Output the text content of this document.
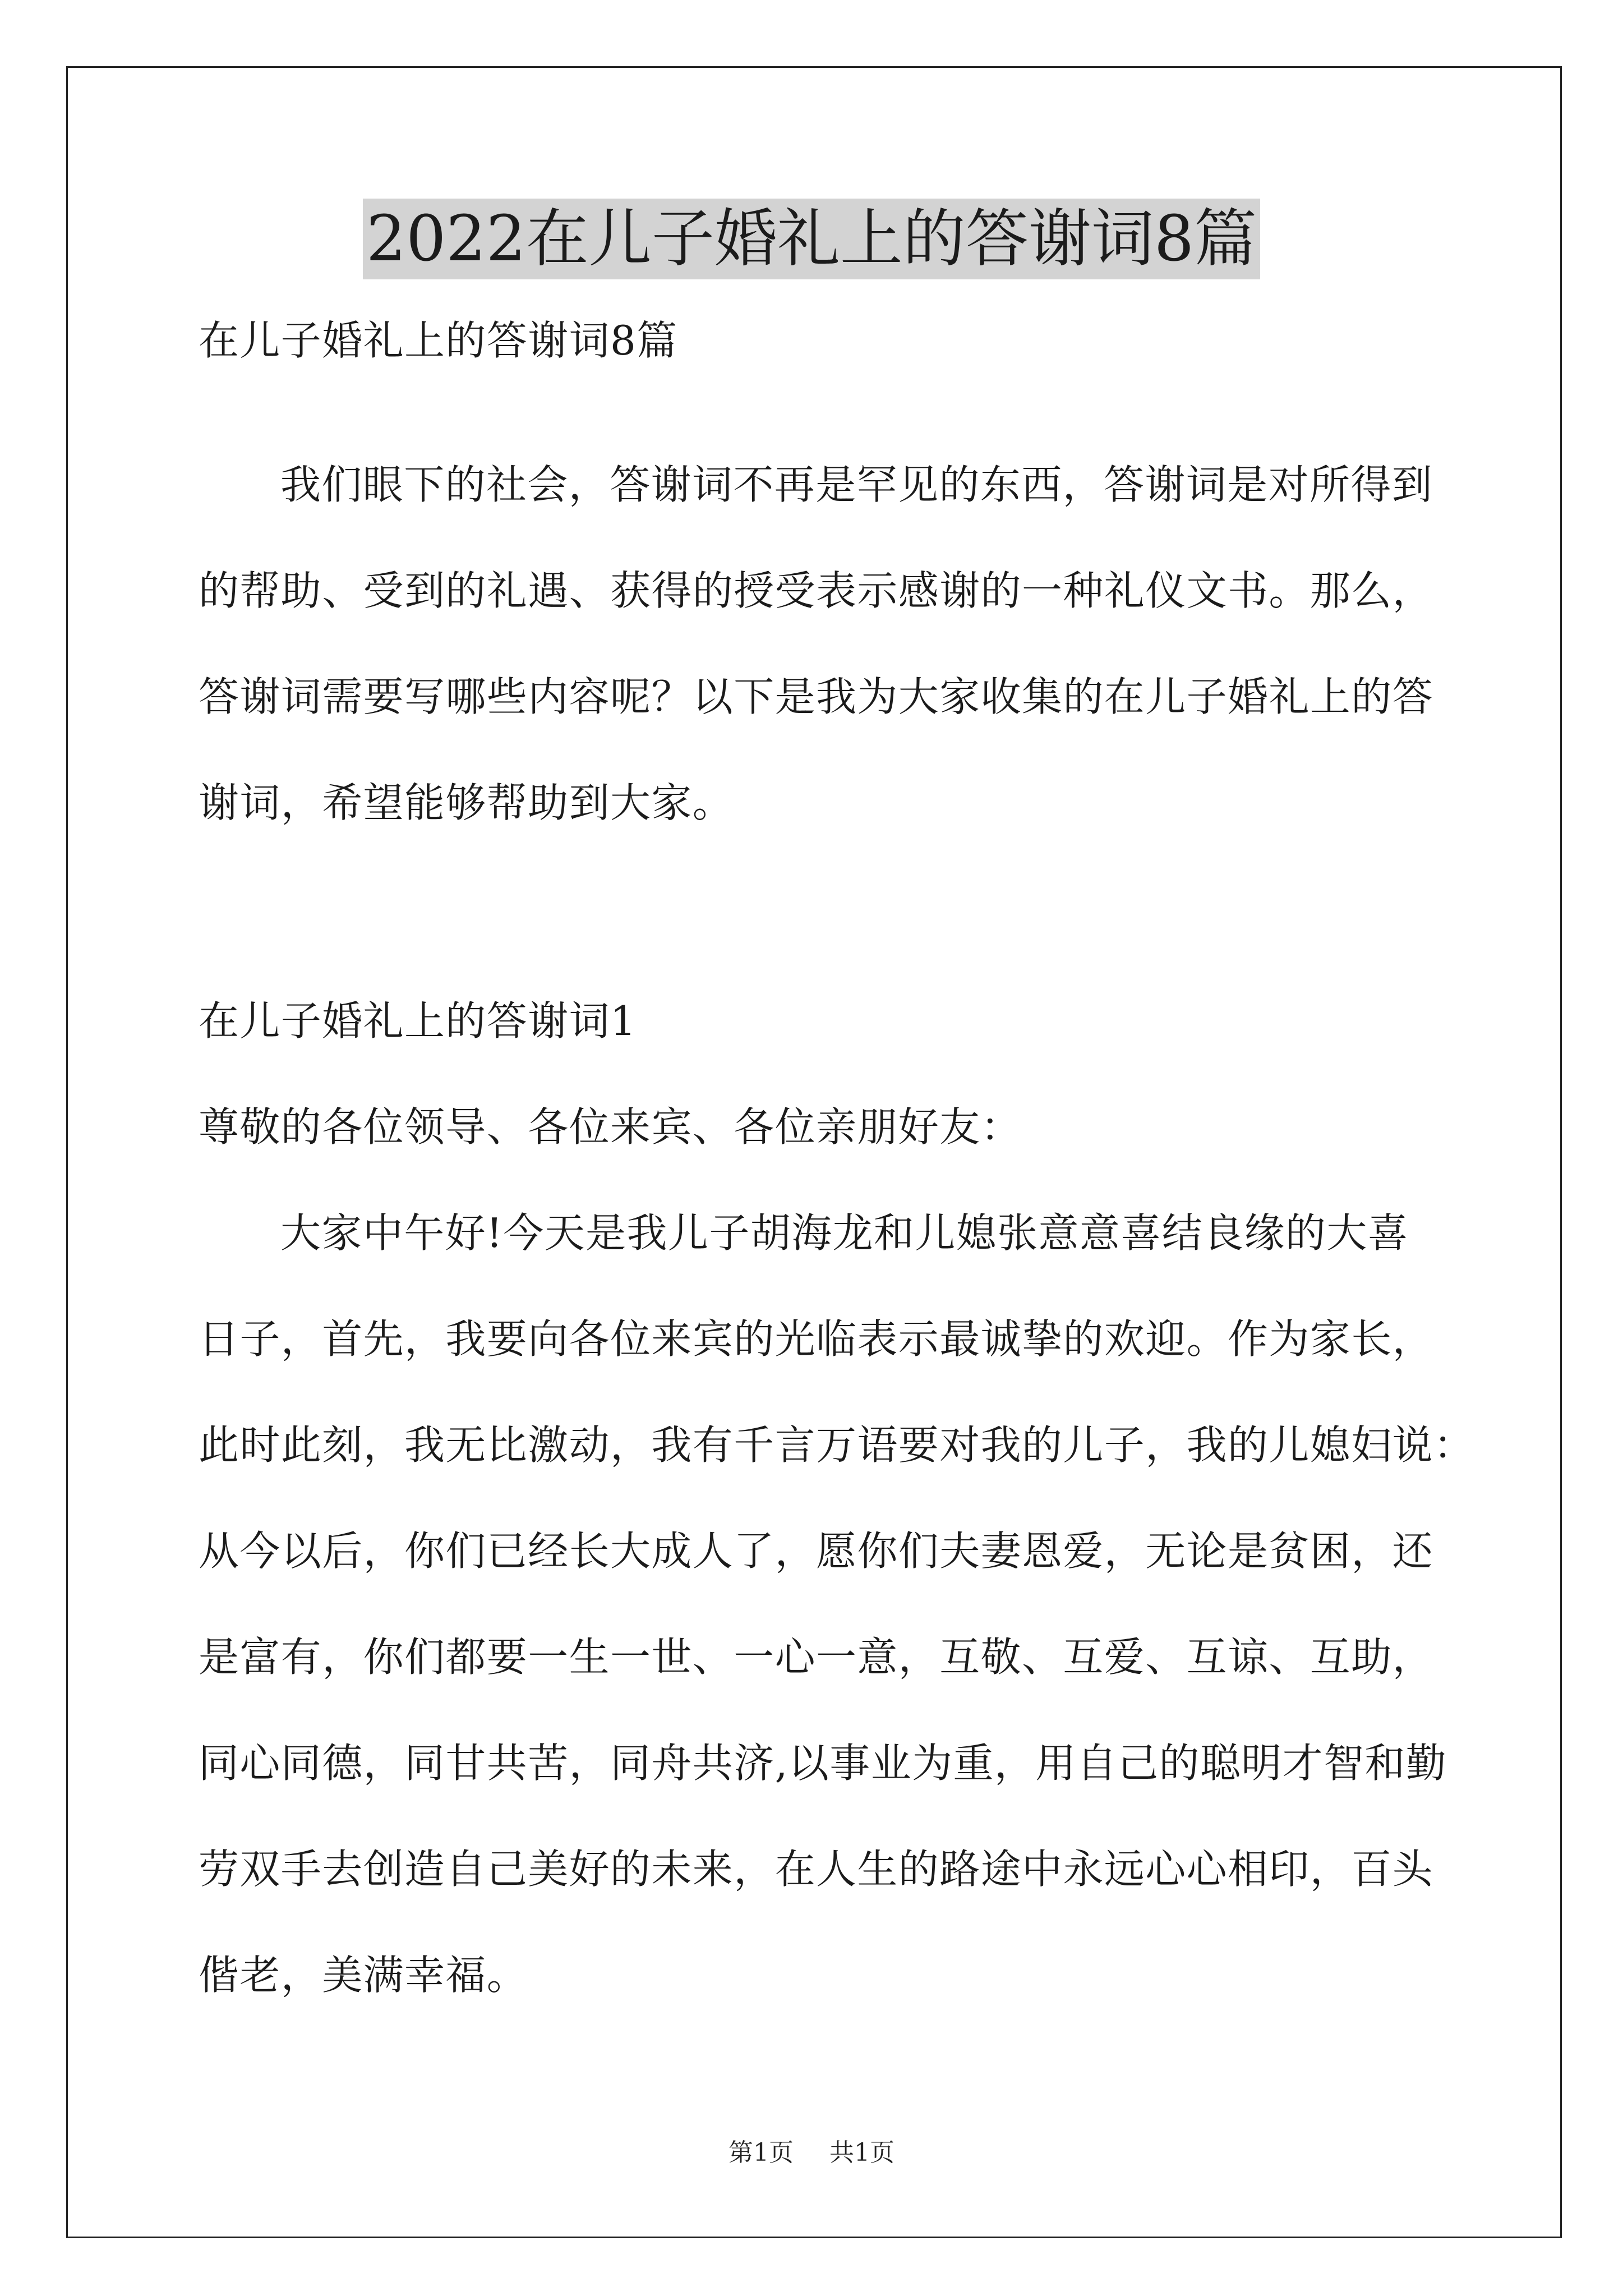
2022在儿子婚礼上的答谢词8篇
在儿子婚礼上的答谢词8篇
我们眼下的社会，答谢词不再是罕见的东西，答谢词是对所得到
的帮助、受到的礼遇、获得的授受表示感谢的一种礼仪文书。那么，
答谢词需要写哪些内容呢？以下是我为大家收集的在儿子婚礼上的答
谢词，希望能够帮助到大家。
在儿子婚礼上的答谢词1
尊敬的各位领导、各位来宾、各位亲朋好友：
大家中午好!今天是我儿子胡海龙和儿媳张意意喜结良缘的大喜
日子，首先，我要向各位来宾的光临表示最诚挚的欢迎。作为家长，
此时此刻，我无比激动，我有千言万语要对我的儿子，我的儿媳妇说：
从今以后，你们已经长大成人了，愿你们夫妻恩爱，无论是贫困，还
是富有，你们都要一生一世、一心一意，互敬、互爱、互谅、互助，
同心同德，同甘共苦，同舟共济,以事业为重，用自己的聪明才智和勤
劳双手去创造自己美好的未来，在人生的路途中永远心心相印，百头
偕老，美满幸福。
第1页 共1页
